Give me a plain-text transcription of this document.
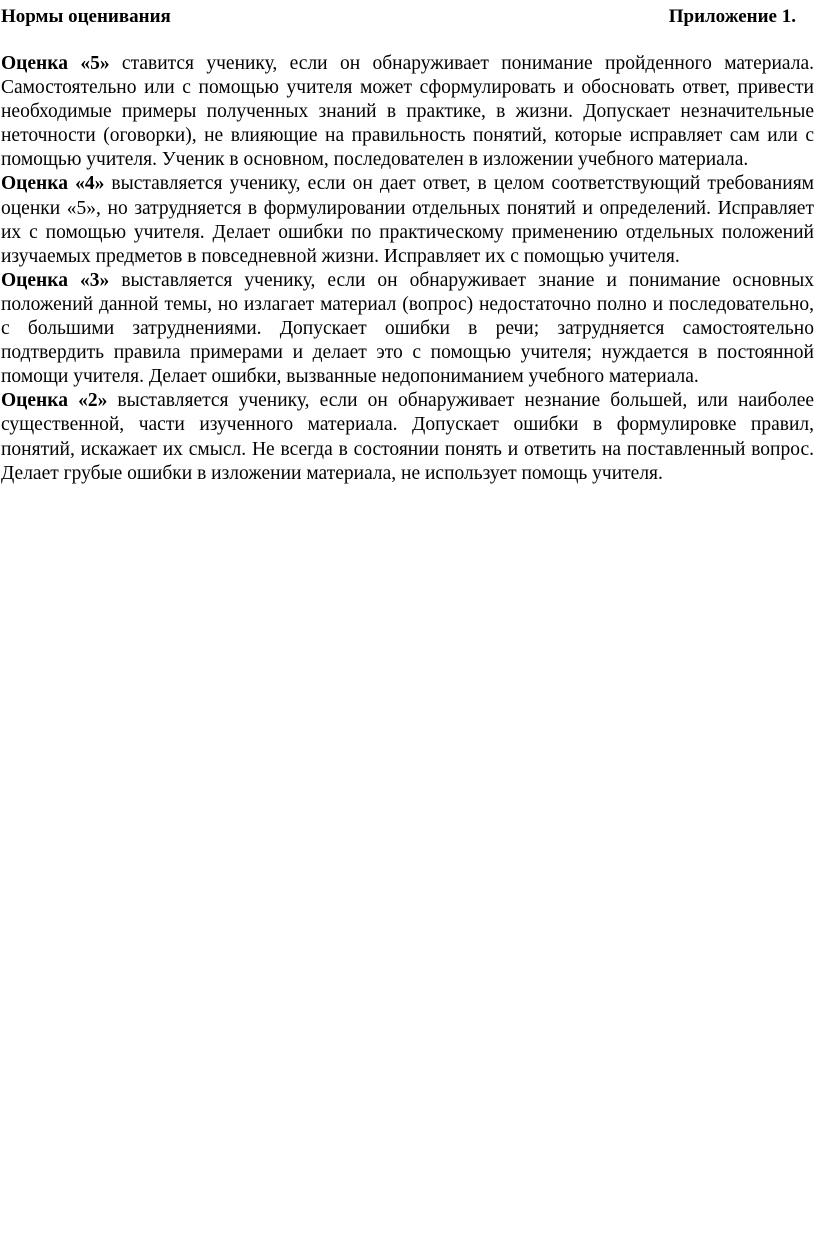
Нормы оценивания	Приложение 1.

Оценка «5» ставится ученику, если он обнаруживает понимание пройденного материала. Самостоятельно или с помощью учителя может сформулировать и обосновать ответ, привести необходимые примеры полученных знаний в практике, в жизни. Допускает незначительные неточности (оговорки), не влияющие на правильность понятий, которые исправляет сам или с помощью учителя. Ученик в основном, последователен в изложении учебного материала.

Оценка «4» выставляется ученику, если он дает ответ, в целом соответствующий требованиям оценки «5», но затрудняется в формулировании отдельных понятий и определений. Исправляет их с помощью учителя. Делает ошибки по практическому применению отдельных положений изучаемых предметов в повседневной жизни. Исправляет их с помощью учителя.

Оценка «3» выставляется ученику, если он обнаруживает знание и понимание основных положений данной темы, но излагает материал (вопрос) недостаточно полно и последовательно, с большими затруднениями. Допускает ошибки в речи; затрудняется самостоятельно подтвердить правила примерами и делает это с помощью учителя; нуждается в постоянной помощи учителя. Делает ошибки, вызванные недопониманием учебного материала.

Оценка «2» выставляется ученику, если он обнаруживает незнание большей, или наиболее существенной, части изученного материала. Допускает ошибки в формулировке правил, понятий, искажает их смысл. Не всегда в состоянии понять и ответить на поставленный вопрос. Делает грубые ошибки в изложении материала, не использует помощь учителя.
